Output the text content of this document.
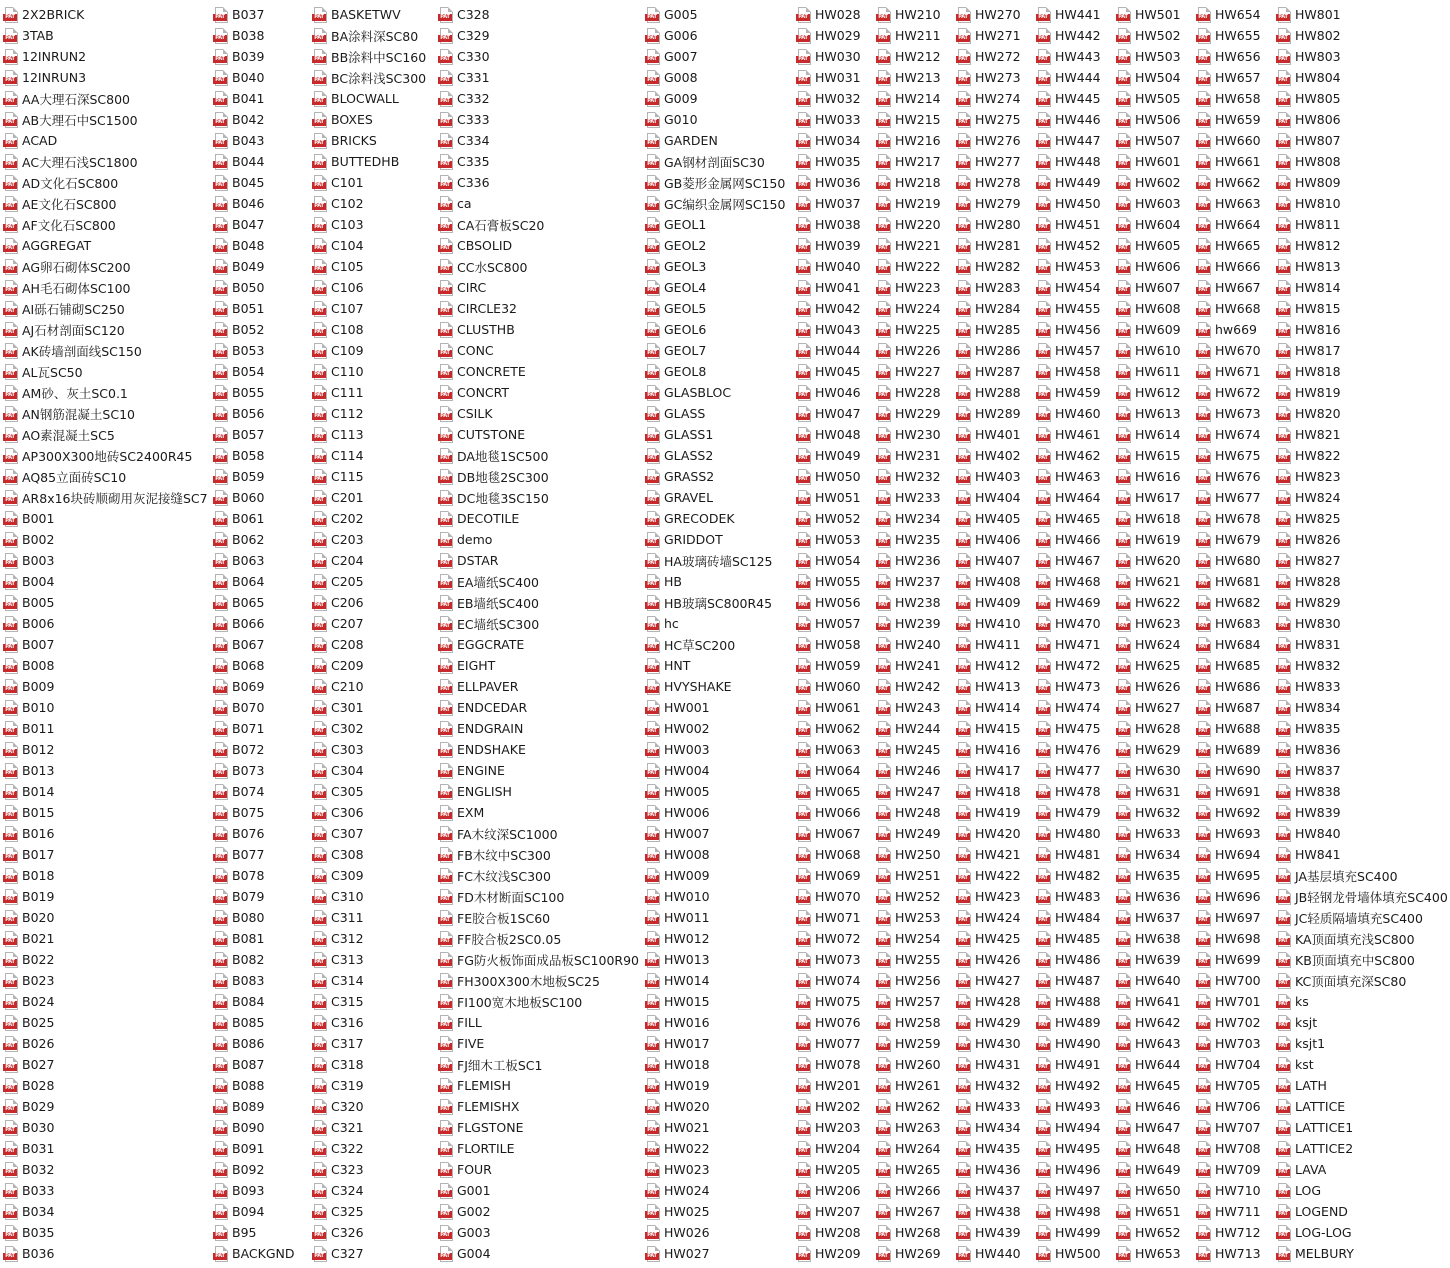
PAT 2X2BRICK
PAT 3TAB
PAT 12INRUN2
PAT 12INRUN3
PAT AA大理石深SC800
PAT AB大理石中SC1500
PAT ACAD
PAT AC大理石浅SC1800
PAT AD文化石SC800
PAT AE文化石SC800
PAT AF文化石SC800
PAT AGGREGAT
PAT AG卵石砌体SC200
PAT AH毛石砌体SC100
PAT AI砾石铺砌SC250
PAT AJ石材剖面SC120
PAT AK砖墙剖面线SC150
PAT AL瓦SC50
PAT AM砂、灰土SC0.1
PAT AN钢筋混凝土SC10
PAT AO素混凝土SC5
PAT AP300X300地砖SC2400R45
PAT AQ85立面砖SC10
PAT AR8x16块砖顺砌用灰泥接缝SC7
PAT B001
PAT B002
PAT B003
PAT B004
PAT B005
PAT B006
PAT B007
PAT B008
PAT B009
PAT B010
PAT B011
PAT B012
PAT B013
PAT B014
PAT B015
PAT B016
PAT B017
PAT B018
PAT B019
PAT B020
PAT B021
PAT B022
PAT B023
PAT B024
PAT B025
PAT B026
PAT B027
PAT B028
PAT B029
PAT B030
PAT B031
PAT B032
PAT B033
PAT B034
PAT B035
PAT B036
PAT B037
PAT B038
PAT B039
PAT B040
PAT B041
PAT B042
PAT B043
PAT B044
PAT B045
PAT B046
PAT B047
PAT B048
PAT B049
PAT B050
PAT B051
PAT B052
PAT B053
PAT B054
PAT B055
PAT B056
PAT B057
PAT B058
PAT B059
PAT B060
PAT B061
PAT B062
PAT B063
PAT B064
PAT B065
PAT B066
PAT B067
PAT B068
PAT B069
PAT B070
PAT B071
PAT B072
PAT B073
PAT B074
PAT B075
PAT B076
PAT B077
PAT B078
PAT B079
PAT B080
PAT B081
PAT B082
PAT B083
PAT B084
PAT B085
PAT B086
PAT B087
PAT B088
PAT B089
PAT B090
PAT B091
PAT B092
PAT B093
PAT B094
PAT B95
PAT BACKGND
PAT BASKETWV
PAT BA涂料深SC80
PAT BB涂料中SC160
PAT BC涂料浅SC300
PAT BLOCWALL
PAT BOXES
PAT BRICKS
PAT BUTTEDHB
PAT C101
PAT C102
PAT C103
PAT C104
PAT C105
PAT C106
PAT C107
PAT C108
PAT C109
PAT C110
PAT C111
PAT C112
PAT C113
PAT C114
PAT C115
PAT C201
PAT C202
PAT C203
PAT C204
PAT C205
PAT C206
PAT C207
PAT C208
PAT C209
PAT C210
PAT C301
PAT C302
PAT C303
PAT C304
PAT C305
PAT C306
PAT C307
PAT C308
PAT C309
PAT C310
PAT C311
PAT C312
PAT C313
PAT C314
PAT C315
PAT C316
PAT C317
PAT C318
PAT C319
PAT C320
PAT C321
PAT C322
PAT C323
PAT C324
PAT C325
PAT C326
PAT C327
PAT C328
PAT C329
PAT C330
PAT C331
PAT C332
PAT C333
PAT C334
PAT C335
PAT C336
PAT ca
PAT CA石膏板SC20
PAT CBSOLID
PAT CC水SC800
PAT CIRC
PAT CIRCLE32
PAT CLUSTHB
PAT CONC
PAT CONCRETE
PAT CONCRT
PAT CSILK
PAT CUTSTONE
PAT DA地毯1SC500
PAT DB地毯2SC300
PAT DC地毯3SC150
PAT DECOTILE
PAT demo
PAT DSTAR
PAT EA墙纸SC400
PAT EB墙纸SC400
PAT EC墙纸SC300
PAT EGGCRATE
PAT EIGHT
PAT ELLPAVER
PAT ENDCEDAR
PAT ENDGRAIN
PAT ENDSHAKE
PAT ENGINE
PAT ENGLISH
PAT EXM
PAT FA木纹深SC1000
PAT FB木纹中SC300
PAT FC木纹浅SC300
PAT FD木材断面SC100
PAT FE胶合板1SC60
PAT FF胶合板2SC0.05
PAT FG防火板饰面成品板SC100R90
PAT FH300X300木地板SC25
PAT FI100宽木地板SC100
PAT FILL
PAT FIVE
PAT FJ细木工板SC1
PAT FLEMISH
PAT FLEMISHX
PAT FLGSTONE
PAT FLORTILE
PAT FOUR
PAT G001
PAT G002
PAT G003
PAT G004
PAT G005
PAT G006
PAT G007
PAT G008
PAT G009
PAT G010
PAT GARDEN
PAT GA钢材剖面SC30
PAT GB菱形金属网SC150
PAT GC编织金属网SC150
PAT GEOL1
PAT GEOL2
PAT GEOL3
PAT GEOL4
PAT GEOL5
PAT GEOL6
PAT GEOL7
PAT GEOL8
PAT GLASBLOC
PAT GLASS
PAT GLASS1
PAT GLASS2
PAT GRASS2
PAT GRAVEL
PAT GRECODEK
PAT GRIDDOT
PAT HA玻璃砖墙SC125
PAT HB
PAT HB玻璃SC800R45
PAT hc
PAT HC草SC200
PAT HNT
PAT HVYSHAKE
PAT HW001
PAT HW002
PAT HW003
PAT HW004
PAT HW005
PAT HW006
PAT HW007
PAT HW008
PAT HW009
PAT HW010
PAT HW011
PAT HW012
PAT HW013
PAT HW014
PAT HW015
PAT HW016
PAT HW017
PAT HW018
PAT HW019
PAT HW020
PAT HW021
PAT HW022
PAT HW023
PAT HW024
PAT HW025
PAT HW026
PAT HW027
PAT HW028
PAT HW029
PAT HW030
PAT HW031
PAT HW032
PAT HW033
PAT HW034
PAT HW035
PAT HW036
PAT HW037
PAT HW038
PAT HW039
PAT HW040
PAT HW041
PAT HW042
PAT HW043
PAT HW044
PAT HW045
PAT HW046
PAT HW047
PAT HW048
PAT HW049
PAT HW050
PAT HW051
PAT HW052
PAT HW053
PAT HW054
PAT HW055
PAT HW056
PAT HW057
PAT HW058
PAT HW059
PAT HW060
PAT HW061
PAT HW062
PAT HW063
PAT HW064
PAT HW065
PAT HW066
PAT HW067
PAT HW068
PAT HW069
PAT HW070
PAT HW071
PAT HW072
PAT HW073
PAT HW074
PAT HW075
PAT HW076
PAT HW077
PAT HW078
PAT HW201
PAT HW202
PAT HW203
PAT HW204
PAT HW205
PAT HW206
PAT HW207
PAT HW208
PAT HW209
PAT HW210
PAT HW211
PAT HW212
PAT HW213
PAT HW214
PAT HW215
PAT HW216
PAT HW217
PAT HW218
PAT HW219
PAT HW220
PAT HW221
PAT HW222
PAT HW223
PAT HW224
PAT HW225
PAT HW226
PAT HW227
PAT HW228
PAT HW229
PAT HW230
PAT HW231
PAT HW232
PAT HW233
PAT HW234
PAT HW235
PAT HW236
PAT HW237
PAT HW238
PAT HW239
PAT HW240
PAT HW241
PAT HW242
PAT HW243
PAT HW244
PAT HW245
PAT HW246
PAT HW247
PAT HW248
PAT HW249
PAT HW250
PAT HW251
PAT HW252
PAT HW253
PAT HW254
PAT HW255
PAT HW256
PAT HW257
PAT HW258
PAT HW259
PAT HW260
PAT HW261
PAT HW262
PAT HW263
PAT HW264
PAT HW265
PAT HW266
PAT HW267
PAT HW268
PAT HW269
PAT HW270
PAT HW271
PAT HW272
PAT HW273
PAT HW274
PAT HW275
PAT HW276
PAT HW277
PAT HW278
PAT HW279
PAT HW280
PAT HW281
PAT HW282
PAT HW283
PAT HW284
PAT HW285
PAT HW286
PAT HW287
PAT HW288
PAT HW289
PAT HW401
PAT HW402
PAT HW403
PAT HW404
PAT HW405
PAT HW406
PAT HW407
PAT HW408
PAT HW409
PAT HW410
PAT HW411
PAT HW412
PAT HW413
PAT HW414
PAT HW415
PAT HW416
PAT HW417
PAT HW418
PAT HW419
PAT HW420
PAT HW421
PAT HW422
PAT HW423
PAT HW424
PAT HW425
PAT HW426
PAT HW427
PAT HW428
PAT HW429
PAT HW430
PAT HW431
PAT HW432
PAT HW433
PAT HW434
PAT HW435
PAT HW436
PAT HW437
PAT HW438
PAT HW439
PAT HW440
PAT HW441
PAT HW442
PAT HW443
PAT HW444
PAT HW445
PAT HW446
PAT HW447
PAT HW448
PAT HW449
PAT HW450
PAT HW451
PAT HW452
PAT HW453
PAT HW454
PAT HW455
PAT HW456
PAT HW457
PAT HW458
PAT HW459
PAT HW460
PAT HW461
PAT HW462
PAT HW463
PAT HW464
PAT HW465
PAT HW466
PAT HW467
PAT HW468
PAT HW469
PAT HW470
PAT HW471
PAT HW472
PAT HW473
PAT HW474
PAT HW475
PAT HW476
PAT HW477
PAT HW478
PAT HW479
PAT HW480
PAT HW481
PAT HW482
PAT HW483
PAT HW484
PAT HW485
PAT HW486
PAT HW487
PAT HW488
PAT HW489
PAT HW490
PAT HW491
PAT HW492
PAT HW493
PAT HW494
PAT HW495
PAT HW496
PAT HW497
PAT HW498
PAT HW499
PAT HW500
PAT HW501
PAT HW502
PAT HW503
PAT HW504
PAT HW505
PAT HW506
PAT HW507
PAT HW601
PAT HW602
PAT HW603
PAT HW604
PAT HW605
PAT HW606
PAT HW607
PAT HW608
PAT HW609
PAT HW610
PAT HW611
PAT HW612
PAT HW613
PAT HW614
PAT HW615
PAT HW616
PAT HW617
PAT HW618
PAT HW619
PAT HW620
PAT HW621
PAT HW622
PAT HW623
PAT HW624
PAT HW625
PAT HW626
PAT HW627
PAT HW628
PAT HW629
PAT HW630
PAT HW631
PAT HW632
PAT HW633
PAT HW634
PAT HW635
PAT HW636
PAT HW637
PAT HW638
PAT HW639
PAT HW640
PAT HW641
PAT HW642
PAT HW643
PAT HW644
PAT HW645
PAT HW646
PAT HW647
PAT HW648
PAT HW649
PAT HW650
PAT HW651
PAT HW652
PAT HW653
PAT HW654
PAT HW655
PAT HW656
PAT HW657
PAT HW658
PAT HW659
PAT HW660
PAT HW661
PAT HW662
PAT HW663
PAT HW664
PAT HW665
PAT HW666
PAT HW667
PAT HW668
PAT hw669
PAT HW670
PAT HW671
PAT HW672
PAT HW673
PAT HW674
PAT HW675
PAT HW676
PAT HW677
PAT HW678
PAT HW679
PAT HW680
PAT HW681
PAT HW682
PAT HW683
PAT HW684
PAT HW685
PAT HW686
PAT HW687
PAT HW688
PAT HW689
PAT HW690
PAT HW691
PAT HW692
PAT HW693
PAT HW694
PAT HW695
PAT HW696
PAT HW697
PAT HW698
PAT HW699
PAT HW700
PAT HW701
PAT HW702
PAT HW703
PAT HW704
PAT HW705
PAT HW706
PAT HW707
PAT HW708
PAT HW709
PAT HW710
PAT HW711
PAT HW712
PAT HW713
PAT HW801
PAT HW802
PAT HW803
PAT HW804
PAT HW805
PAT HW806
PAT HW807
PAT HW808
PAT HW809
PAT HW810
PAT HW811
PAT HW812
PAT HW813
PAT HW814
PAT HW815
PAT HW816
PAT HW817
PAT HW818
PAT HW819
PAT HW820
PAT HW821
PAT HW822
PAT HW823
PAT HW824
PAT HW825
PAT HW826
PAT HW827
PAT HW828
PAT HW829
PAT HW830
PAT HW831
PAT HW832
PAT HW833
PAT HW834
PAT HW835
PAT HW836
PAT HW837
PAT HW838
PAT HW839
PAT HW840
PAT HW841
PAT JA基层填充SC400
PAT JB轻钢龙骨墙体填充SC400
PAT JC轻质隔墙填充SC400
PAT KA顶面填充浅SC800
PAT KB顶面填充中SC800
PAT KC顶面填充深SC80
PAT ks
PAT ksjt
PAT ksjt1
PAT kst
PAT LATH
PAT LATTICE
PAT LATTICE1
PAT LATTICE2
PAT LAVA
PAT LOG
PAT LOGEND
PAT LOG-LOG
PAT MELBURY
